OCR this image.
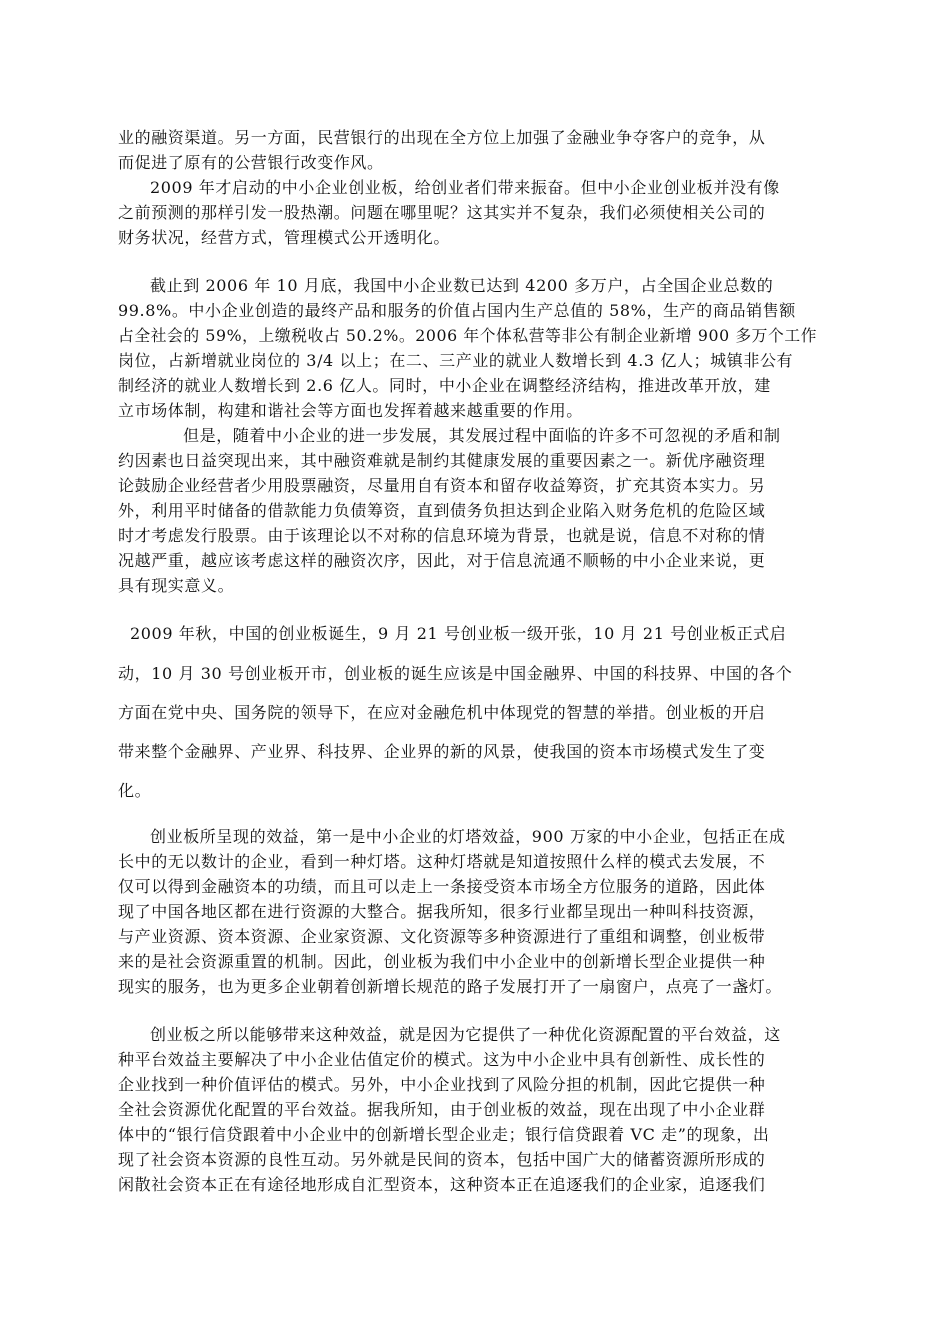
业的融资渠道。另一方面，民营银行的出现在全方位上加强了金融业争夺客户的竞争，从
而促进了原有的公营银行改变作风。
2009 年才启动的中小企业创业板，给创业者们带来振奋。但中小企业创业板并没有像
之前预测的那样引发一股热潮。问题在哪里呢？这其实并不复杂，我们必须使相关公司的
财务状况，经营方式，管理模式公开透明化。
截止到 2006 年 10 月底，我国中小企业数已达到 4200 多万户，占全国企业总数的
99.8%。中小企业创造的最终产品和服务的价值占国内生产总值的 58%，生产的商品销售额
占全社会的 59%，上缴税收占 50.2%。2006 年个体私营等非公有制企业新增 900 多万个工作
岗位，占新增就业岗位的 3/4 以上；在二、三产业的就业人数增长到 4.3 亿人；城镇非公有
制经济的就业人数增长到 2.6 亿人。同时，中小企业在调整经济结构，推进改革开放，建
立市场体制，构建和谐社会等方面也发挥着越来越重要的作用。
但是，随着中小企业的进一步发展，其发展过程中面临的许多不可忽视的矛盾和制
约因素也日益突现出来，其中融资难就是制约其健康发展的重要因素之一。新优序融资理
论鼓励企业经营者少用股票融资，尽量用自有资本和留存收益筹资，扩充其资本实力。另
外，利用平时储备的借款能力负债筹资，直到债务负担达到企业陷入财务危机的危险区域
时才考虑发行股票。由于该理论以不对称的信息环境为背景，也就是说，信息不对称的情
况越严重，越应该考虑这样的融资次序，因此，对于信息流通不顺畅的中小企业来说，更
具有现实意义。
2009 年秋，中国的创业板诞生，9 月 21 号创业板一级开张，10 月 21 号创业板正式启
动，10 月 30 号创业板开市，创业板的诞生应该是中国金融界、中国的科技界、中国的各个
方面在党中央、国务院的领导下，在应对金融危机中体现党的智慧的举措。创业板的开启
带来整个金融界、产业界、科技界、企业界的新的风景，使我国的资本市场模式发生了变
化。
创业板所呈现的效益，第一是中小企业的灯塔效益，900 万家的中小企业，包括正在成
长中的无以数计的企业，看到一种灯塔。这种灯塔就是知道按照什么样的模式去发展，不
仅可以得到金融资本的功绩，而且可以走上一条接受资本市场全方位服务的道路，因此体
现了中国各地区都在进行资源的大整合。据我所知，很多行业都呈现出一种叫科技资源，
与产业资源、资本资源、企业家资源、文化资源等多种资源进行了重组和调整，创业板带
来的是社会资源重置的机制。因此，创业板为我们中小企业中的创新增长型企业提供一种
现实的服务，也为更多企业朝着创新增长规范的路子发展打开了一扇窗户，点亮了一盏灯。
创业板之所以能够带来这种效益，就是因为它提供了一种优化资源配置的平台效益，这
种平台效益主要解决了中小企业估值定价的模式。这为中小企业中具有创新性、成长性的
企业找到一种价值评估的模式。另外，中小企业找到了风险分担的机制，因此它提供一种
全社会资源优化配置的平台效益。据我所知，由于创业板的效益，现在出现了中小企业群
体中的“银行信贷跟着中小企业中的创新增长型企业走；银行信贷跟着 VC 走”的现象，出
现了社会资本资源的良性互动。另外就是民间的资本，包括中国广大的储蓄资源所形成的
闲散社会资本正在有途径地形成自汇型资本，这种资本正在追逐我们的企业家，追逐我们
